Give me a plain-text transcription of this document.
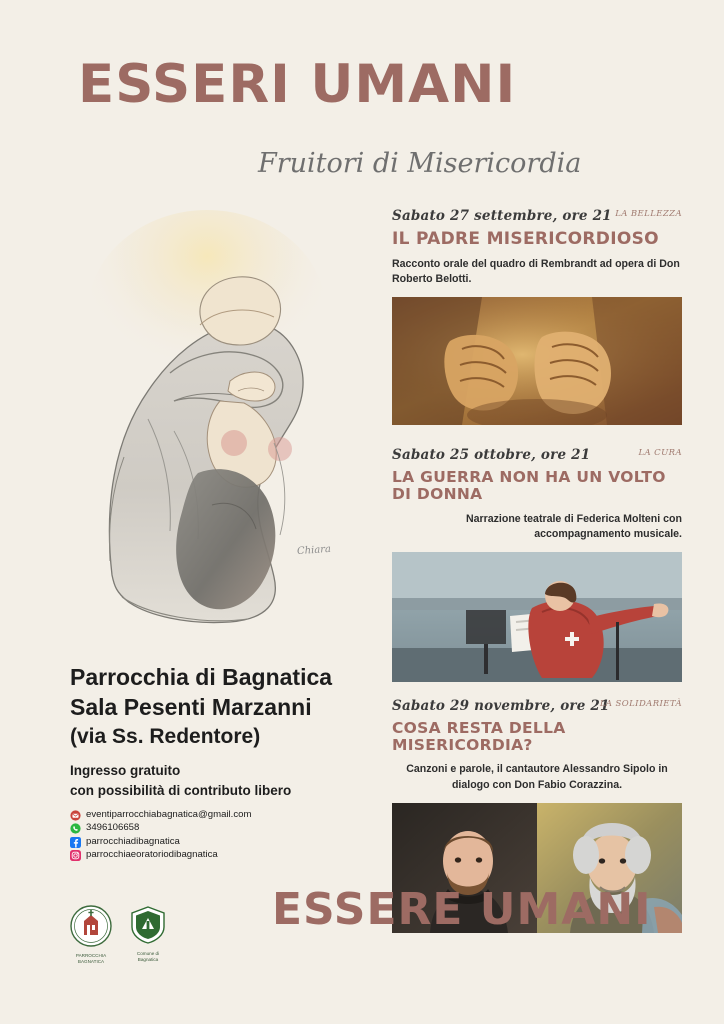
ESSERI UMANI
Fruitori di Misericordia
Chiara
LA BELLEZZA
Sabato 27 settembre, ore 21
IL PADRE MISERICORDIOSO
Racconto orale del quadro di Rembrandt ad opera di Don Roberto Belotti.
LA CURA
Sabato 25 ottobre, ore 21
LA GUERRA NON HA UN VOLTO DI DONNA
Narrazione teatrale di Federica Molteni con accompagnamento musicale.
LA SOLIDARIETÀ
Sabato 29 novembre, ore 21
COSA RESTA DELLA MISERICORDIA?
Canzoni e parole, il cantautore Alessandro Sipolo in dialogo con Don Fabio Corazzina.
Parrocchia di Bagnatica
Sala Pesenti Marzanni
(via Ss. Redentore)
Ingresso gratuito
con possibilità di contributo libero
eventiparrocchiabagnatica@gmail.com
3496106658
parrocchiadibagnatica
parrocchiaeoratoriodibagnatica
PARROCCHIA
BAGNATICA
Comune di
Bagnatica
ESSERE UMANI
